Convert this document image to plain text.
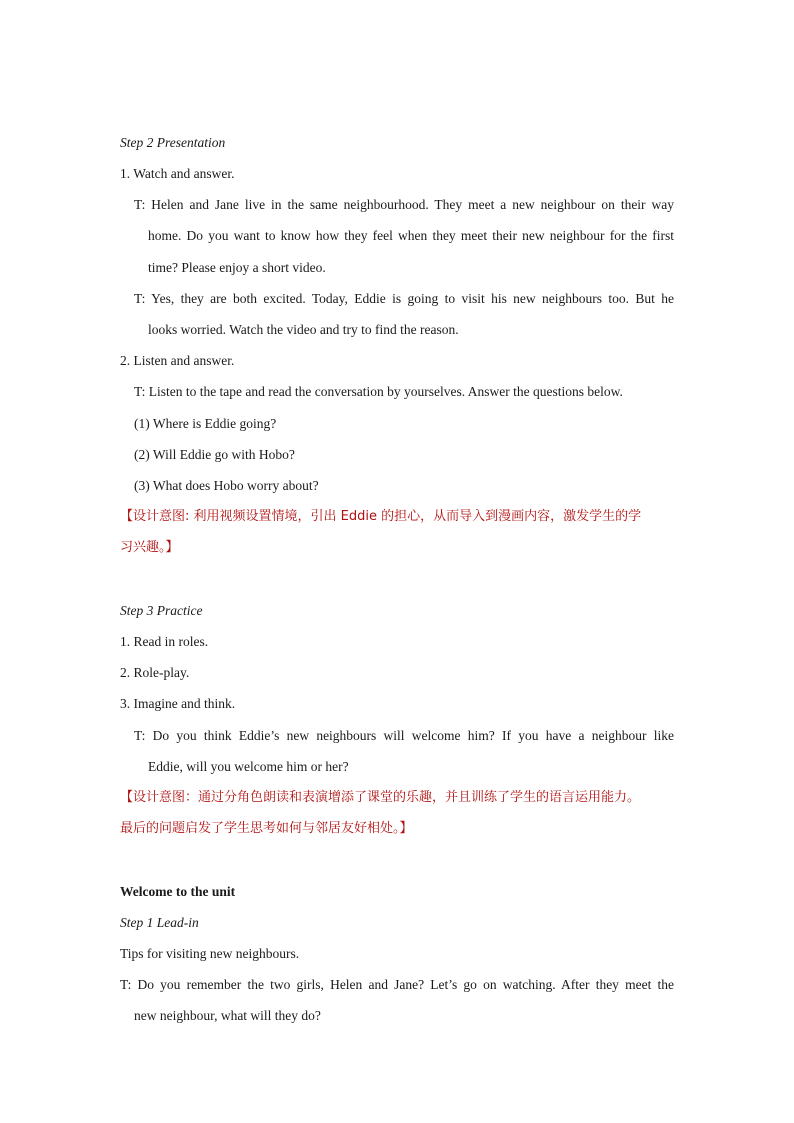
Step 2 Presentation
1. Watch and answer.
T: Helen and Jane live in the same neighbourhood. They meet a new neighbour on their way
home. Do you want to know how they feel when they meet their new neighbour for the first
time? Please enjoy a short video.
T: Yes, they are both excited. Today, Eddie is going to visit his new neighbours too. But he
looks worried. Watch the video and try to find the reason.
2. Listen and answer.
T: Listen to the tape and read the conversation by yourselves. Answer the questions below.
(1) Where is Eddie going?
(2) Will Eddie go with Hobo?
(3) What does Hobo worry about?
【设计意图: 利用视频设置情境，引出 Eddie 的担心，从而导入到漫画内容，激发学生的学
习兴趣。】
Step 3 Practice
1. Read in roles.
2. Role-play.
3. Imagine and think.
T: Do you think Eddie’s new neighbours will welcome him? If you have a neighbour like
Eddie, will you welcome him or her?
【设计意图：通过分角色朗读和表演增添了课堂的乐趣，并且训练了学生的语言运用能力。
最后的问题启发了学生思考如何与邻居友好相处。】
Welcome to the unit
Step 1 Lead-in
Tips for visiting new neighbours.
T: Do you remember the two girls, Helen and Jane? Let’s go on watching. After they meet the
new neighbour, what will they do?
